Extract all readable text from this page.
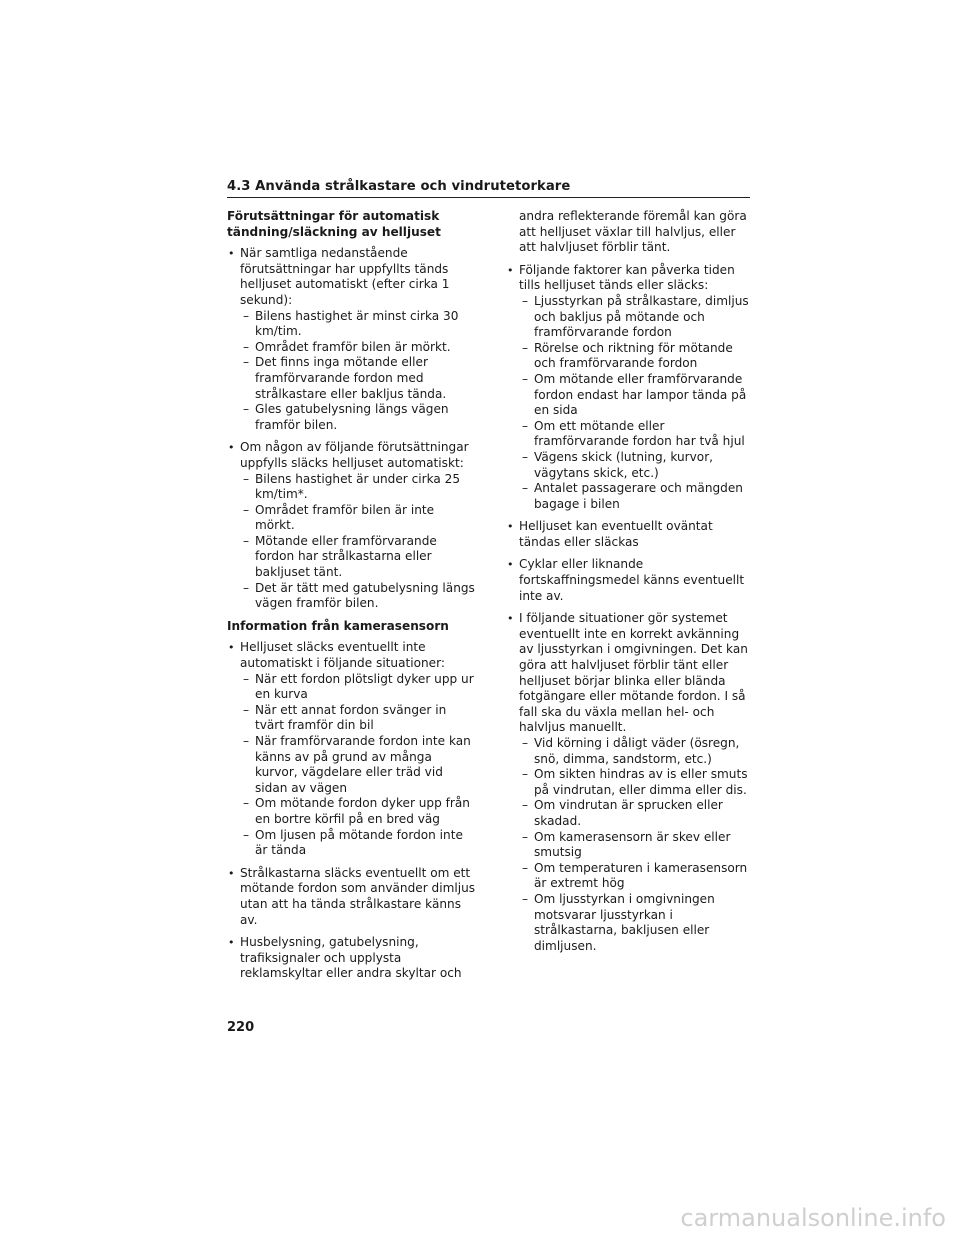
4.3 Använda strålkastare och vindrutetorkare
Förutsättningar för automatisk tändning/släckning av helljuset
• När samtliga nedanstående förutsättningar har uppfyllts tänds helljuset automatiskt (efter cirka 1 sekund):
– Bilens hastighet är minst cirka 30 km/tim.
– Området framför bilen är mörkt.
– Det finns inga mötande eller framförvarande fordon med strålkastare eller bakljus tända.
– Gles gatubelysning längs vägen framför bilen.
• Om någon av följande förutsättningar uppfylls släcks helljuset automatiskt:
– Bilens hastighet är under cirka 25 km/tim*.
– Området framför bilen är inte mörkt.
– Mötande eller framförvarande fordon har strålkastarna eller bakljuset tänt.
– Det är tätt med gatubelysning längs vägen framför bilen.
Information från kamerasensorn
• Helljuset släcks eventuellt inte automatiskt i följande situationer:
– När ett fordon plötsligt dyker upp ur en kurva
– När ett annat fordon svänger in tvärt framför din bil
– När framförvarande fordon inte kan känns av på grund av många kurvor, vägdelare eller träd vid sidan av vägen
– Om mötande fordon dyker upp från en bortre körfil på en bred väg
– Om ljusen på mötande fordon inte är tända
• Strålkastarna släcks eventuellt om ett mötande fordon som använder dimljus utan att ha tända strålkastare känns av.
• Husbelysning, gatubelysning, trafiksignaler och upplysta reklamskyltar eller andra skyltar och
andra reflekterande föremål kan göra att helljuset växlar till halvljus, eller att halvljuset förblir tänt.
• Följande faktorer kan påverka tiden tills helljuset tänds eller släcks:
– Ljusstyrkan på strålkastare, dimljus och bakljus på mötande och framförvarande fordon
– Rörelse och riktning för mötande och framförvarande fordon
– Om mötande eller framförvarande fordon endast har lampor tända på en sida
– Om ett mötande eller framförvarande fordon har två hjul
– Vägens skick (lutning, kurvor, vägytans skick, etc.)
– Antalet passagerare och mängden bagage i bilen
• Helljuset kan eventuellt oväntat tändas eller släckas
• Cyklar eller liknande fortskaffningsmedel känns eventuellt inte av.
• I följande situationer gör systemet eventuellt inte en korrekt avkänning av ljusstyrkan i omgivningen. Det kan göra att halvljuset förblir tänt eller helljuset börjar blinka eller blända fotgängare eller mötande fordon. I så fall ska du växla mellan hel- och halvljus manuellt.
– Vid körning i dåligt väder (ösregn, snö, dimma, sandstorm, etc.)
– Om sikten hindras av is eller smuts på vindrutan, eller dimma eller dis.
– Om vindrutan är sprucken eller skadad.
– Om kamerasensorn är skev eller smutsig
– Om temperaturen i kamerasensorn är extremt hög
– Om ljusstyrkan i omgivningen motsvarar ljusstyrkan i strålkastarna, bakljusen eller dimljusen.
220
carmanualsonline.info
